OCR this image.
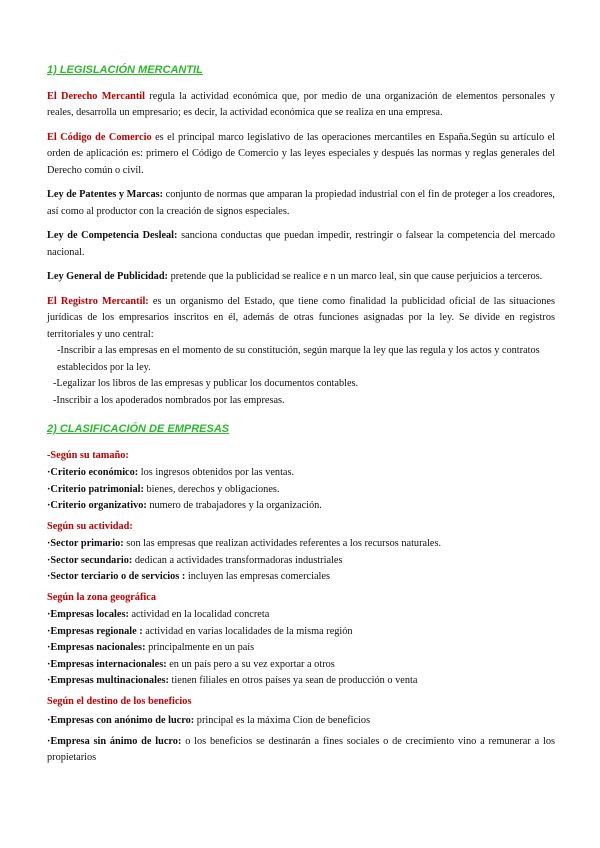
1) LEGISLACIÓN MERCANTIL

El Derecho Mercantil regula la actividad económica que, por medio de una organización de elementos personales y reales, desarrolla un empresario; es decir, la actividad económica que se realiza en una empresa.

El Código de Comercio es el principal marco legislativo de las operaciones mercantiles en España.Según su artículo el orden de aplicación es: primero el Código de Comercio y las leyes especiales y después las normas y reglas generales del Derecho común o civil.

Ley de Patentes y Marcas: conjunto de normas que amparan la propiedad industrial con el fin de proteger a los creadores, así como al productor con la creación de signos especiales.

Ley de Competencia Desleal: sanciona conductas que puedan impedir, restringir o falsear la competencia del mercado nacional.

Ley General de Publicidad: pretende que la publicidad se realice e n un marco leal, sin que cause perjuicios a terceros.

El Registro Mercantil: es un organismo del Estado, que tiene como finalidad la publicidad oficial de las situaciones jurídicas de los empresarios inscritos en él, además de otras funciones asignadas por la ley. Se divide en registros territoriales y uno central:

-Inscribir a las empresas en el momento de su constitución, según marque la ley que las regula y los actos y contratos establecidos por la ley.
-Legalizar los libros de las empresas y publicar los documentos contables.
-Inscribir a los apoderados nombrados por las empresas.
2) CLASIFICACIÓN DE EMPRESAS
-Según su tamaño:
·Criterio económico: los ingresos obtenidos por las ventas.
·Criterio patrimonial: bienes, derechos y obligaciones.
·Criterio organizativo: numero de trabajadores y la organización.
Según su actividad:
·Sector primario: son las empresas que realizan actividades referentes a los recursos naturales.
·Sector secundario: dedican a actividades transformadoras industriales
·Sector terciario o de servicios : incluyen las empresas comerciales
Según la zona geográfica
·Empresas locales: actividad en la localidad concreta
·Empresas regionale : actividad en varias localidades de la misma región
·Empresas nacionales: principalmente en un país
·Empresas internacionales: en un país pero a su vez exportar a otros
·Empresas multinacionales: tienen filiales en otros países ya sean de producción o venta
Según el destino de los beneficios
·Empresas con anónimo de lucro: principal es la máxima Cion de beneficios
·Empresa sin ánimo de lucro: o los beneficios se destinarán a fines sociales o de crecimiento vino a remunerar a los propietarios
